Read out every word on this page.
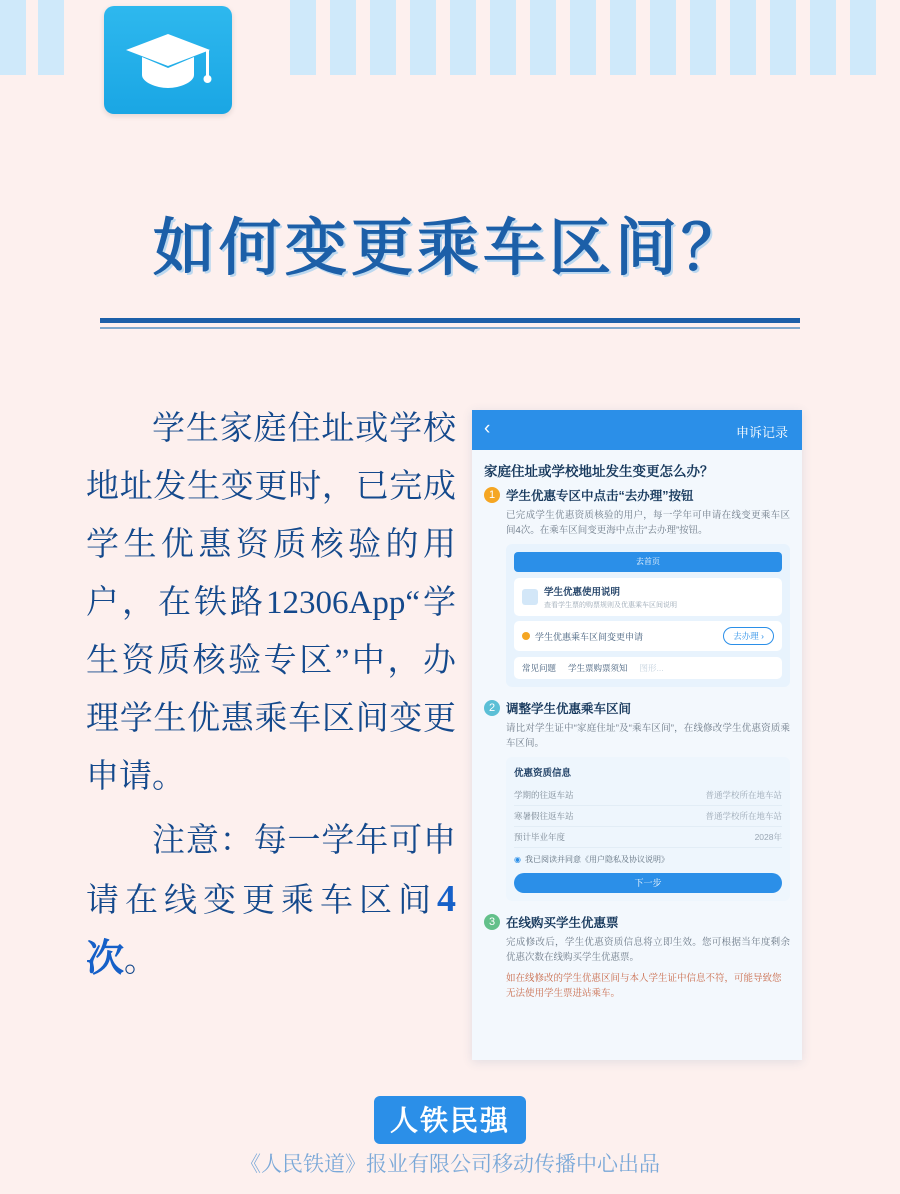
如何变更乘车区间？

学生家庭住址或学校地址发生变更时，已完成学生优惠资质核验的用户，在铁路12306App“学生资质核验专区”中，办理学生优惠乘车区间变更申请。

注意：每一学年可申请在线变更乘车区间4次。

‹	申诉记录
家庭住址或学校地址发生变更怎么办？
1 学生优惠专区中点击“去办理”按钮
已完成学生优惠资质核验的用户，每一学年可申请在线变更乘车区间4次。在乘车区间变更海中点击“去办理”按钮。
去首页
学生优惠使用说明
查看学生票的购票规则及优惠乘车区间说明
学生优惠乘车区间变更申请	去办理 ›
常见问题 学生票购票须知 图形...
2 调整学生优惠乘车区间
请比对学生证中“家庭住址”及“乘车区间”，在线修改学生优惠资质乘车区间。
优惠资质信息
学期的往返车站	普通学校所在地车站
寒暑假往返车站	普通学校所在地车站
预计毕业年度	2028年
◉ 我已阅读并同意《用户隐私及协议说明》
下一步
3 在线购买学生优惠票
完成修改后，学生优惠资质信息将立即生效。您可根据当年度剩余优惠次数在线购买学生优惠票。
如在线修改的学生优惠区间与本人学生证中信息不符，可能导致您无法使用学生票进站乘车。
人铁民强
《人民铁道》报业有限公司移动传播中心出品
